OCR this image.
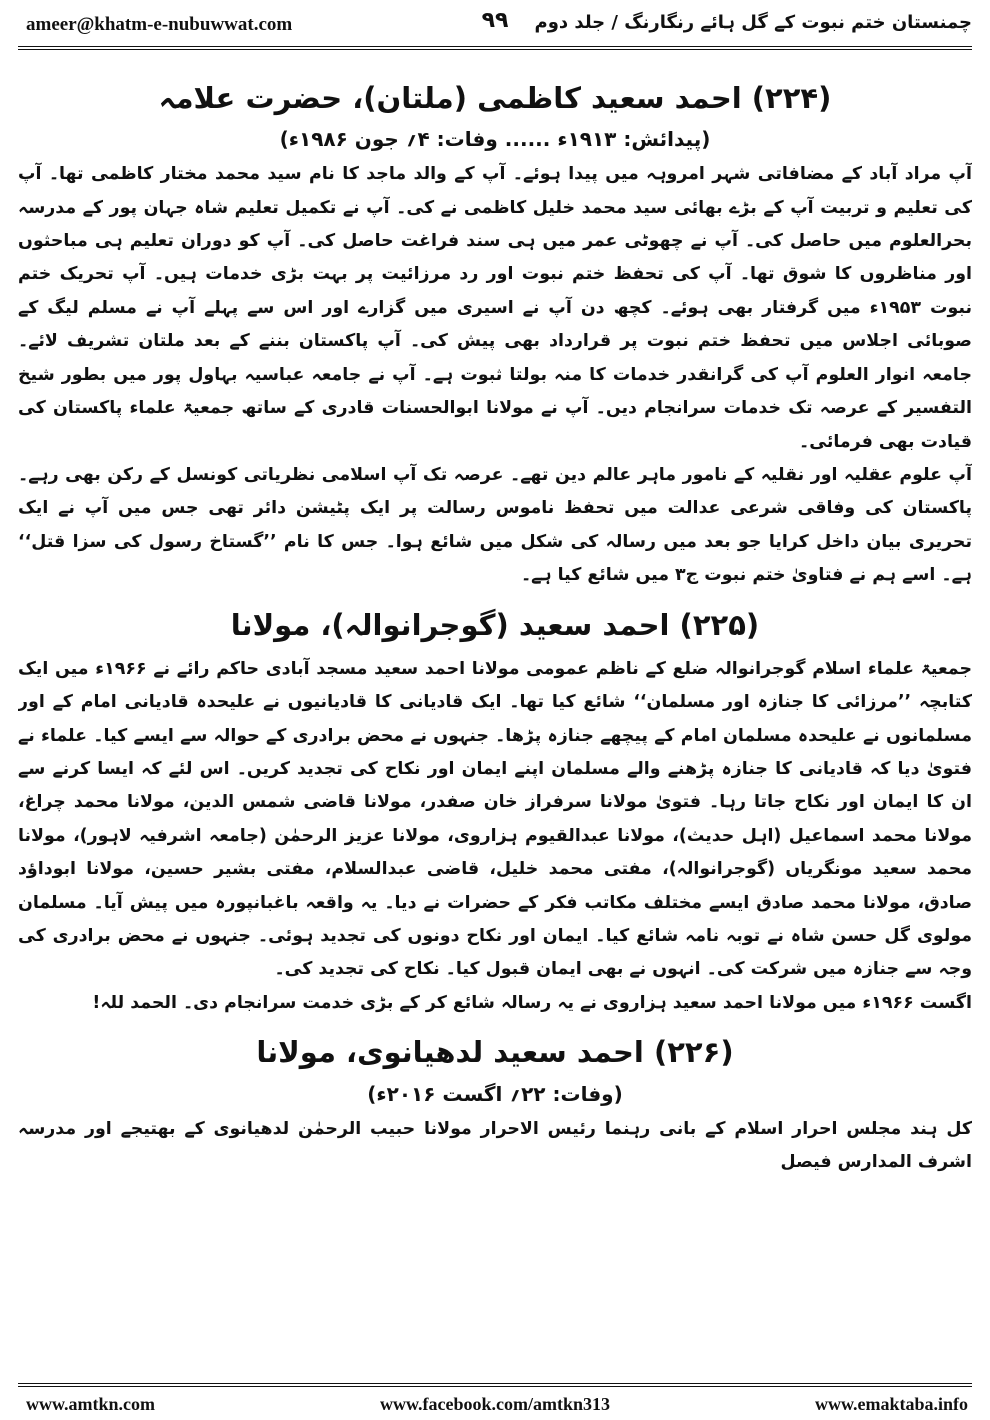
ameer@khatm-e-nubuwwat.com	۹۹	چمنستان ختم نبوت کے گل ہائے رنگارنگ / جلد دوم
(۲۲۴) احمد سعید کاظمی (ملتان)، حضرت علامہ
(پیدائش: ۱۹۱۳ء ...... وفات: ۴؍ جون ۱۹۸۶ء)

آپ مراد آباد کے مضافاتی شہر امروہہ میں پیدا ہوئے۔ آپ کے والد ماجد کا نام سید محمد مختار کاظمی تھا۔ آپ کی تعلیم و تربیت آپ کے بڑے بھائی سید محمد خلیل کاظمی نے کی۔ آپ نے تکمیل تعلیم شاہ جہان پور کے مدرسہ بحرالعلوم میں حاصل کی۔ آپ نے چھوٹی عمر میں ہی سند فراغت حاصل کی۔ آپ کو دوران تعلیم ہی مباحثوں اور مناظروں کا شوق تھا۔ آپ کی تحفظ ختم نبوت اور رد مرزائیت پر بہت بڑی خدمات ہیں۔ آپ تحریک ختم نبوت ۱۹۵۳ء میں گرفتار بھی ہوئے۔ کچھ دن آپ نے اسیری میں گزارے اور اس سے پہلے آپ نے مسلم لیگ کے صوبائی اجلاس میں تحفظ ختم نبوت پر قرارداد بھی پیش کی۔ آپ پاکستان بننے کے بعد ملتان تشریف لائے۔ جامعہ انوار العلوم آپ کی گرانقدر خدمات کا منہ بولتا ثبوت ہے۔ آپ نے جامعہ عباسیہ بہاول پور میں بطور شیخ التفسیر کے عرصہ تک خدمات سرانجام دیں۔ آپ نے مولانا ابوالحسنات قادری کے ساتھ جمعیۃ علماء پاکستان کی قیادت بھی فرمائی۔

آپ علوم عقلیہ اور نقلیہ کے نامور ماہر عالم دین تھے۔ عرصہ تک آپ اسلامی نظریاتی کونسل کے رکن بھی رہے۔ پاکستان کی وفاقی شرعی عدالت میں تحفظ ناموس رسالت پر ایک پٹیشن دائر تھی جس میں آپ نے ایک تحریری بیان داخل کرایا جو بعد میں رسالہ کی شکل میں شائع ہوا۔ جس کا نام ’’گستاخ رسول کی سزا قتل‘‘ ہے۔ اسے ہم نے فتاویٰ ختم نبوت ج۳ میں شائع کیا ہے۔

(۲۲۵) احمد سعید (گوجرانوالہ)، مولانا

جمعیۃ علماء اسلام گوجرانوالہ ضلع کے ناظم عمومی مولانا احمد سعید مسجد آبادی حاکم رائے نے ۱۹۶۶ء میں ایک کتابچہ ’’مرزائی کا جنازہ اور مسلمان‘‘ شائع کیا تھا۔ ایک قادیانی کا قادیانیوں نے علیحدہ قادیانی امام کے اور مسلمانوں نے علیحدہ مسلمان امام کے پیچھے جنازہ پڑھا۔ جنہوں نے محض برادری کے حوالہ سے ایسے کیا۔ علماء نے فتویٰ دیا کہ قادیانی کا جنازہ پڑھنے والے مسلمان اپنے ایمان اور نکاح کی تجدید کریں۔ اس لئے کہ ایسا کرنے سے ان کا ایمان اور نکاح جاتا رہا۔ فتویٰ مولانا سرفراز خان صفدر، مولانا قاضی شمس الدین، مولانا محمد چراغ، مولانا محمد اسماعیل (اہل حدیث)، مولانا عبدالقیوم ہزاروی، مولانا عزیز الرحمٰن (جامعہ اشرفیہ لاہور)، مولانا محمد سعید مونگریاں (گوجرانوالہ)، مفتی محمد خلیل، قاضی عبدالسلام، مفتی بشیر حسین، مولانا ابوداؤد صادق، مولانا محمد صادق ایسے مختلف مکاتب فکر کے حضرات نے دیا۔ یہ واقعہ باغبانپورہ میں پیش آیا۔ مسلمان مولوی گل حسن شاہ نے توبہ نامہ شائع کیا۔ ایمان اور نکاح دونوں کی تجدید ہوئی۔ جنہوں نے محض برادری کی وجہ سے جنازہ میں شرکت کی۔ انہوں نے بھی ایمان قبول کیا۔ نکاح کی تجدید کی۔

اگست ۱۹۶۶ء میں مولانا احمد سعید ہزاروی نے یہ رسالہ شائع کر کے بڑی خدمت سرانجام دی۔ الحمد للہ!

(۲۲۶) احمد سعید لدھیانوی، مولانا
(وفات: ۲۲؍ اگست ۲۰۱۶ء)

کل ہند مجلس احرار اسلام کے بانی رہنما رئیس الاحرار مولانا حبیب الرحمٰن لدھیانوی کے بھتیجے اور مدرسہ اشرف المدارس فیصل

www.amtkn.com	www.facebook.com/amtkn313	www.emaktaba.info
